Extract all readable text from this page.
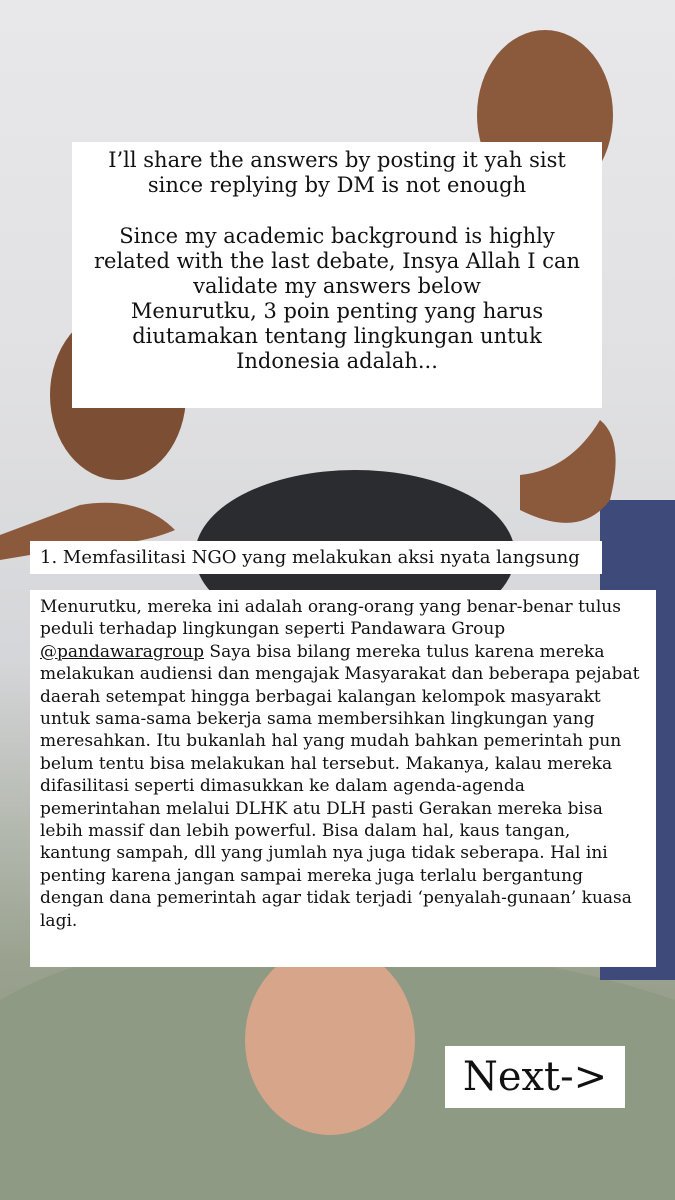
I’ll share the answers by posting it yah sist since replying by DM is not enough

Since my academic background is highly related with the last debate, Insya Allah I can validate my answers below

Menurutku, 3 poin penting yang harus diutamakan tentang lingkungan untuk Indonesia adalah...

1. Memfasilitasi NGO yang melakukan aksi nyata langsung
Menurutku, mereka ini adalah orang-orang yang benar-benar tulus peduli terhadap lingkungan seperti Pandawara Group @pandawaragroup Saya bisa bilang mereka tulus karena mereka melakukan audiensi dan mengajak Masyarakat dan beberapa pejabat daerah setempat hingga berbagai kalangan kelompok masyarakt untuk sama-sama bekerja sama membersihkan lingkungan yang meresahkan. Itu bukanlah hal yang mudah bahkan pemerintah pun belum tentu bisa melakukan hal tersebut. Makanya, kalau mereka difasilitasi seperti dimasukkan ke dalam agenda-agenda pemerintahan melalui DLHK atu DLH pasti Gerakan mereka bisa lebih massif dan lebih powerful. Bisa dalam hal, kaus tangan, kantung sampah, dll yang jumlah nya juga tidak seberapa. Hal ini penting karena jangan sampai mereka juga terlalu bergantung dengan dana pemerintah agar tidak terjadi ‘penyalah-gunaan’ kuasa lagi.
Next->
